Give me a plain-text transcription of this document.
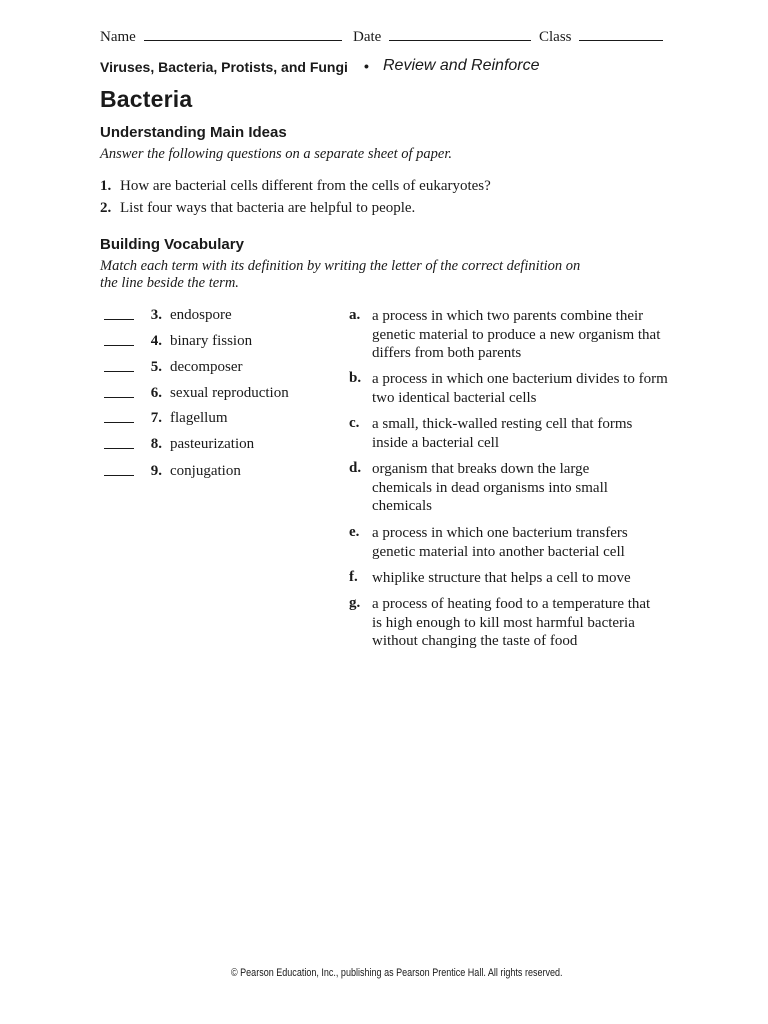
Name	Date	Class
Viruses, Bacteria, Protists, and Fungi • Review and Reinforce
Bacteria
Understanding Main Ideas
Answer the following questions on a separate sheet of paper.
1. How are bacterial cells different from the cells of eukaryotes?
2. List four ways that bacteria are helpful to people.
Building Vocabulary
Match each term with its definition by writing the letter of the correct definition on
the line beside the term.
3. endospore
4. binary fission
5. decomposer
6. sexual reproduction
7. flagellum
8. pasteurization
9. conjugation
a. a process in which two parents combine their genetic material to produce a new organism that differs from both parents
b. a process in which one bacterium divides to form two identical bacterial cells
c. a small, thick-walled resting cell that forms inside a bacterial cell
d. organism that breaks down the large chemicals in dead organisms into small chemicals
e. a process in which one bacterium transfers genetic material into another bacterial cell
f. whiplike structure that helps a cell to move
g. a process of heating food to a temperature that is high enough to kill most harmful bacteria without changing the taste of food
© Pearson Education, Inc., publishing as Pearson Prentice Hall. All rights reserved.
